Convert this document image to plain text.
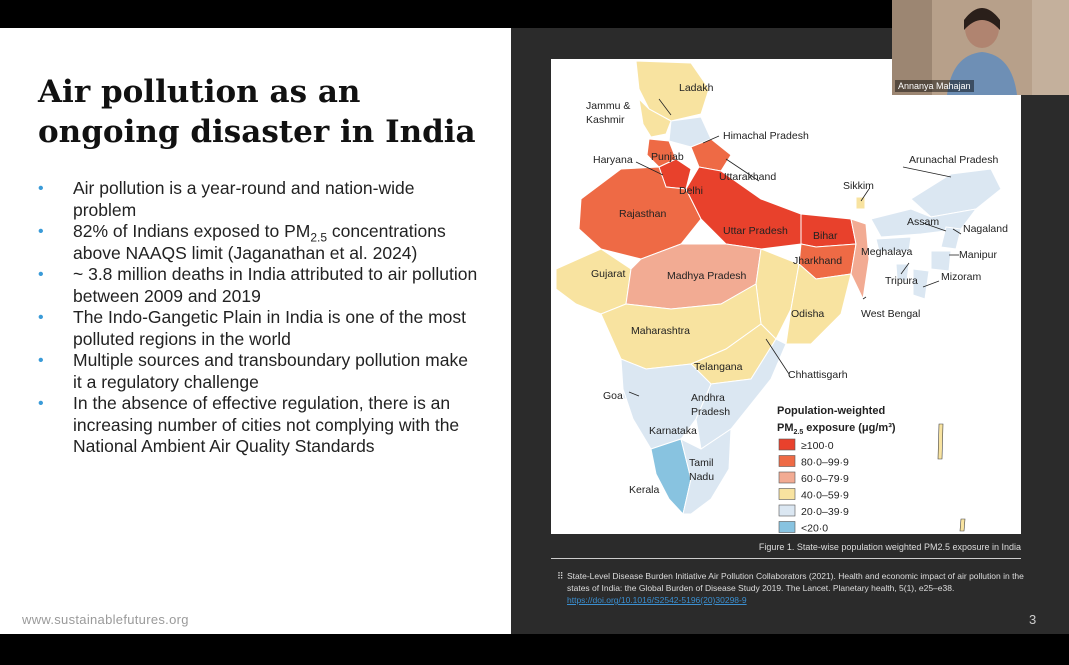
Air pollution as an ongoing disaster in India
• Air pollution is a year-round and nation-wide problem
• 82% of Indians exposed to $PM_{2.5}$ concentrations above NAAQS limit (Jaganathan et al. 2024)
• ~ 3.8 million deaths in India attributed to air pollution between 2009 and 2019
• The Indo-Gangetic Plain in India is one of the most polluted regions in the world
• Multiple sources and transboundary pollution make it a regulatory challenge
• In the absence of effective regulation, there is an increasing number of cities not complying with the National Ambient Air Quality Standards
www.sustainablefutures.org
Jammu &
Kashmir
Ladakh
Himachal Pradesh
Haryana Punjab
Uttarakhand
Delhi
Arunachal Pradesh
Sikkim
Rajasthan
Uttar Pradesh Bihar
Assam
Nagaland
Meghalaya	Manipur
Jharkhand
Gujarat	Madhya Pradesh	Tripura Mizoram
West Bengal
Odisha
Maharashtra
Chhattisgarh
Telangana
Goa	Andhra
Pradesh
Karnataka
Tamil
Nadu
Kerala
Population-weighted
$PM_{2.5}$ exposure (μg/m³)
≥100·0
80·0–99·9
60·0–79·9
40·0–59·9
20·0–39·9
<20·0
Figure 1. State-wise population weighted PM2.5 exposure in India
⠿ State-Level Disease Burden Initiative Air Pollution Collaborators (2021). Health and economic impact of air pollution in the states of India: the Global Burden of Disease Study 2019. The Lancet. Planetary health, 5(1), e25–e38. https://doi.org/10.1016/S2542-5196(20)30298-9
3
Annanya Mahajan
